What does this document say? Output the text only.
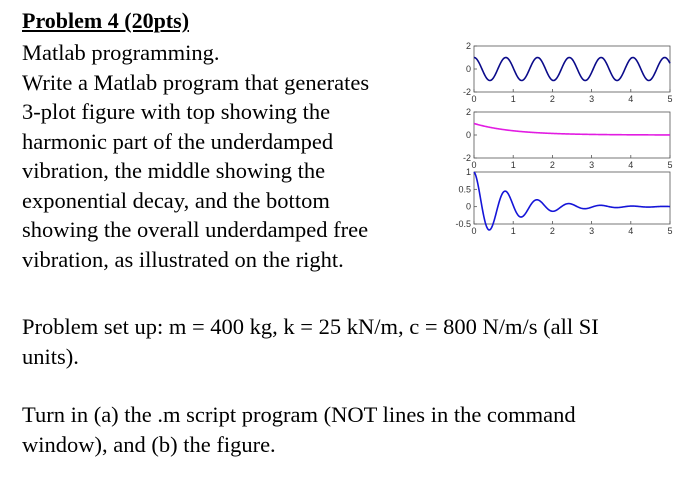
Problem 4 (20pts)
Matlab programming.
Write a Matlab program that generates
3-plot figure with top showing the
harmonic part of the underdamped
vibration, the middle showing the
exponential decay, and the bottom
showing the overall underdamped free
vibration, as illustrated on the right.
2
0
-2
0	1	2	3	4	5
2
0
-2
0	1	2	3	4	5
1
0.5
0
-0.5
0	1	2	3	4	5
Problem set up: m = 400 kg, k = 25 kN/m, c = 800 N/m/s (all SI
units).
Turn in (a) the .m script program (NOT lines in the command
window), and (b) the figure.
